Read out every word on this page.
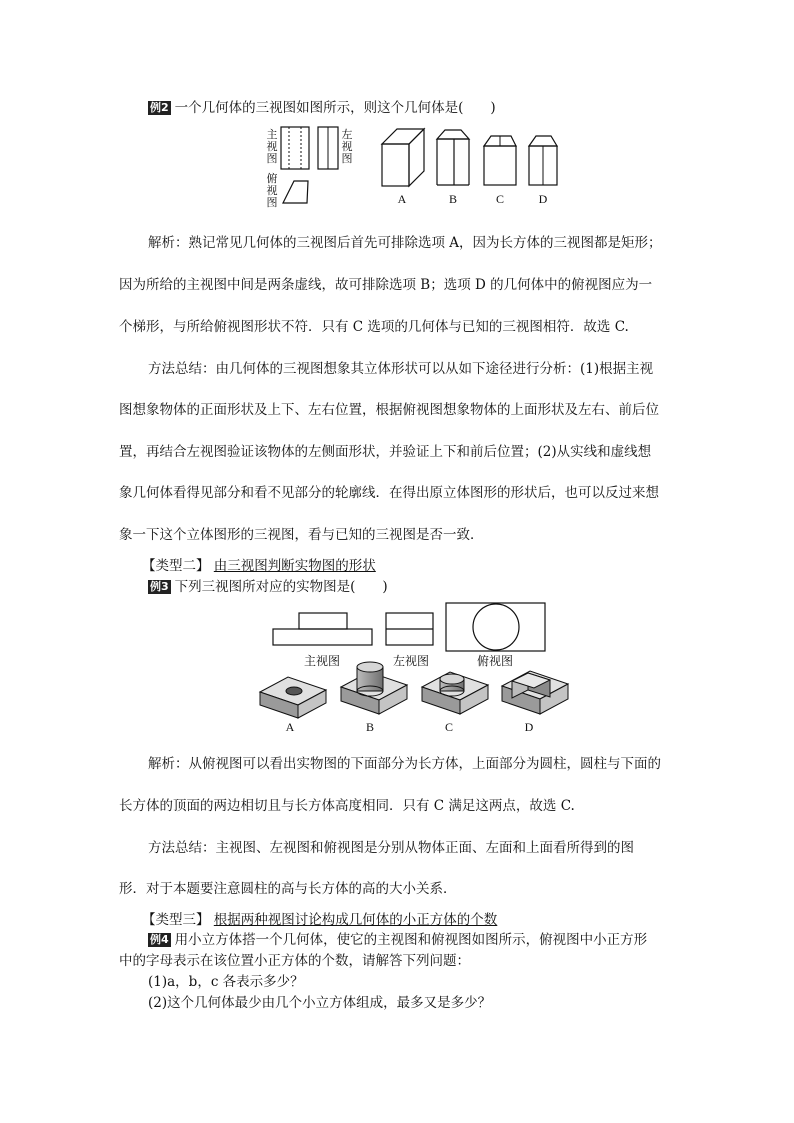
例2 一个几何体的三视图如图所示，则这个几何体是(　　)
主
视
图
左
视
图
俯
视
图	A	B	C	D
解析：熟记常见几何体的三视图后首先可排除选项 A，因为长方体的三视图都是矩形；
因为所给的主视图中间是两条虚线，故可排除选项 B；选项 D 的几何体中的俯视图应为一
个梯形，与所给俯视图形状不符．只有 C 选项的几何体与已知的三视图相符．故选 C.
方法总结：由几何体的三视图想象其立体形状可以从如下途径进行分析：(1)根据主视
图想象物体的正面形状及上下、左右位置，根据俯视图想象物体的上面形状及左右、前后位
置，再结合左视图验证该物体的左侧面形状，并验证上下和前后位置；(2)从实线和虚线想
象几何体看得见部分和看不见部分的轮廓线．在得出原立体图形的形状后，也可以反过来想
象一下这个立体图形的三视图，看与已知的三视图是否一致．
【类型二】 由三视图判断实物图的形状
例3 下列三视图所对应的实物图是(　　)
主视图	左视图	俯视图
A	B	C	D
解析：从俯视图可以看出实物图的下面部分为长方体，上面部分为圆柱，圆柱与下面的
长方体的顶面的两边相切且与长方体高度相同．只有 C 满足这两点，故选 C.
方法总结：主视图、左视图和俯视图是分别从物体正面、左面和上面看所得到的图
形．对于本题要注意圆柱的高与长方体的高的大小关系．
【类型三】 根据两种视图讨论构成几何体的小正方体的个数
例4 用小立方体搭一个几何体，使它的主视图和俯视图如图所示，俯视图中小正方形
中的字母表示在该位置小正方体的个数，请解答下列问题：
(1)a，b，c 各表示多少？
(2)这个几何体最少由几个小立方体组成，最多又是多少？
